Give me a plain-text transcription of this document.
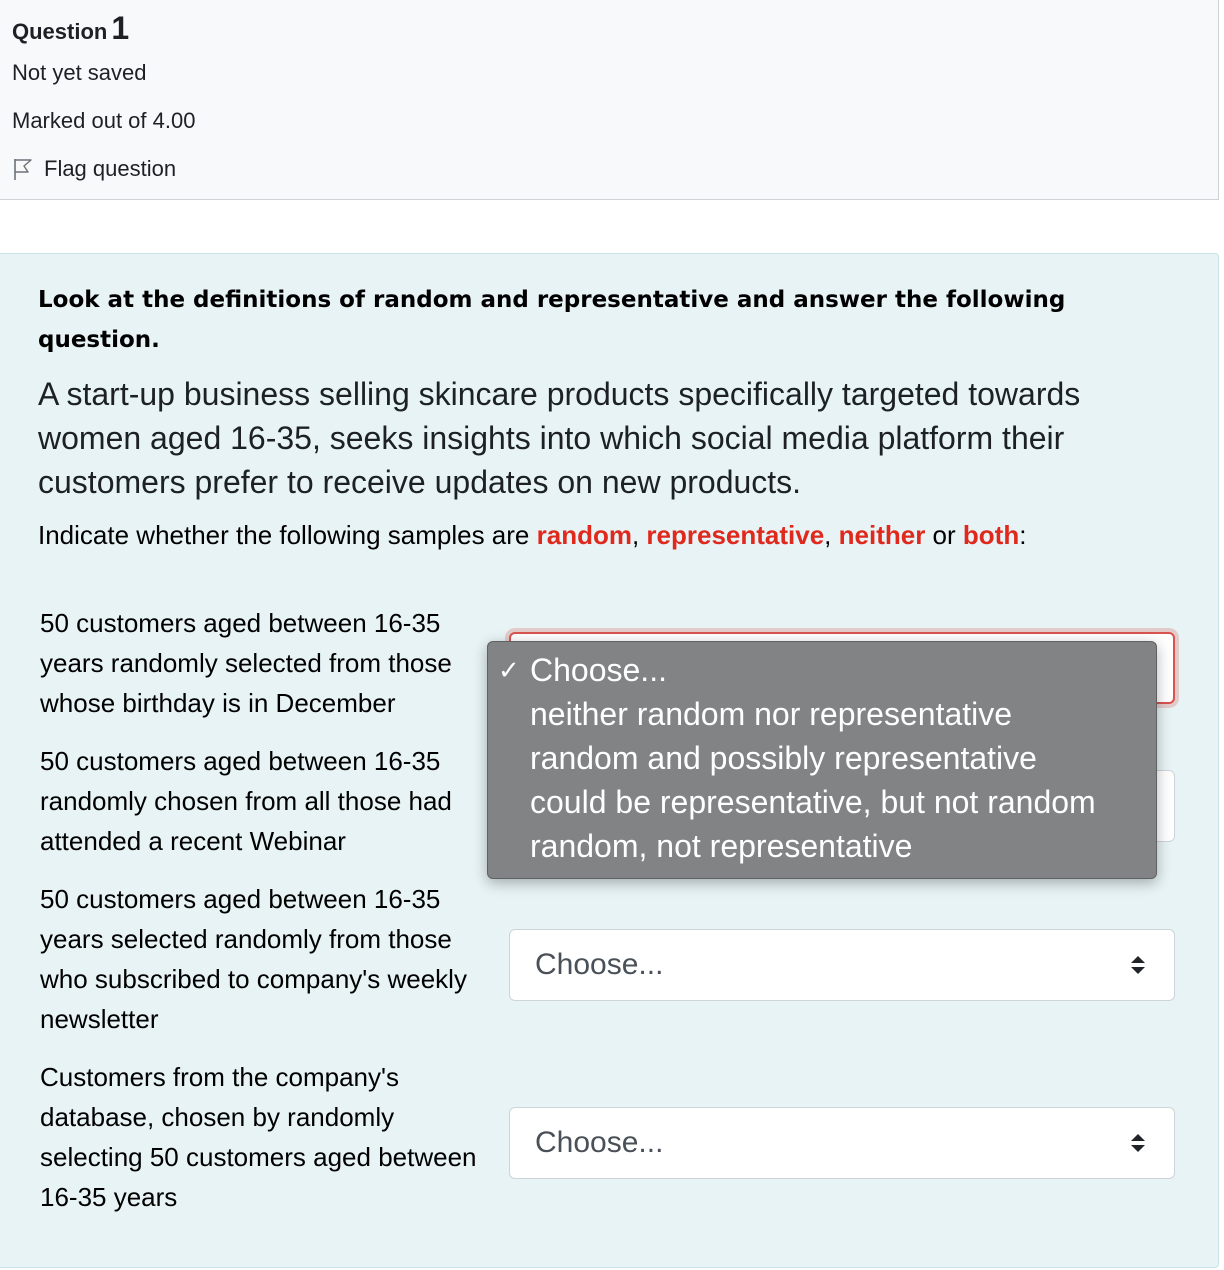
Question 1
Not yet saved
Marked out of 4.00
Flag question
Look at the definitions of random and representative and answer the following question.
A start-up business selling skincare products specifically targeted towards women aged 16-35, seeks insights into which social media platform their customers prefer to receive updates on new products.
Indicate whether the following samples are random, representative, neither or both:
50 customers aged between 16-35 years randomly selected from those whose birthday is in December
50 customers aged between 16-35 randomly chosen from all those had attended a recent Webinar
50 customers aged between 16-35 years selected randomly from those who subscribed to company's weekly newsletter
Choose...
Customers from the company's database, chosen by randomly selecting 50 customers aged between 16-35 years
Choose...
✓ Choose...
neither random nor representative
random and possibly representative
could be representative, but not random
random, not representative
